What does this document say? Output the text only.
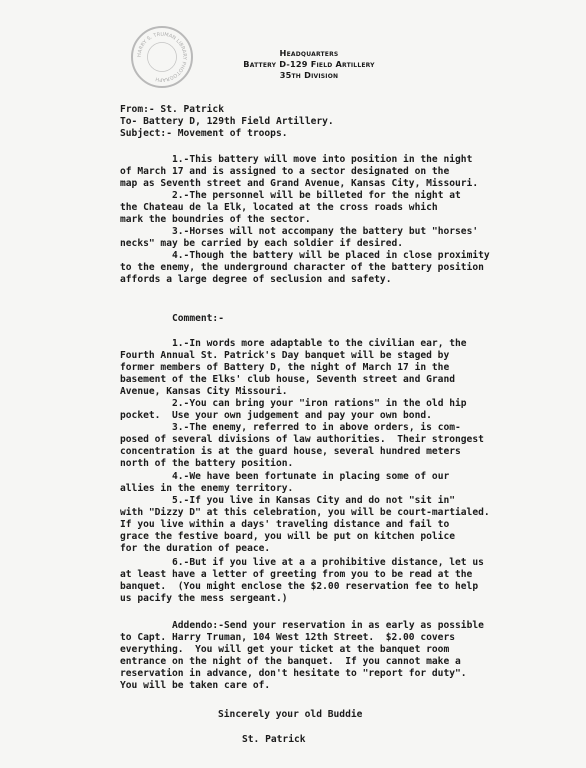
HARRY S. TRUMAN LIBRARY PHOTOGRAPH
Headquarters
Battery D-129 Field Artillery
35th Division
From:- St. Patrick
To- Battery D, 129th Field Artillery.
Subject:- Movement of troops.
1.-This battery will move into position in the night
of March 17 and is assigned to a sector designated on the
map as Seventh street and Grand Avenue, Kansas City, Missouri.
2.-The personnel will be billeted for the night at
the Chateau de la Elk, located at the cross roads which
mark the boundries of the sector.
3.-Horses will not accompany the battery but "horses'
necks" may be carried by each soldier if desired.
4.-Though the battery will be placed in close proximity
to the enemy, the underground character of the battery position
affords a large degree of seclusion and safety.
Comment:-
1.-In words more adaptable to the civilian ear, the
Fourth Annual St. Patrick's Day banquet will be staged by
former members of Battery D, the night of March 17 in the
basement of the Elks' club house, Seventh street and Grand
Avenue, Kansas City Missouri.
2.-You can bring your "iron rations" in the old hip
pocket.  Use your own judgement and pay your own bond.
3.-The enemy, referred to in above orders, is com-
posed of several divisions of law authorities.  Their strongest
concentration is at the guard house, several hundred meters
north of the battery position.
4.-We have been fortunate in placing some of our
allies in the enemy territory.
5.-If you live in Kansas City and do not "sit in"
with "Dizzy D" at this celebration, you will be court-martialed.
If you live within a days' traveling distance and fail to
grace the festive board, you will be put on kitchen police
for the duration of peace.
6.-But if you live at a a prohibitive distance, let us
at least have a letter of greeting from you to be read at the
banquet.  (You might enclose the $2.00 reservation fee to help
us pacify the mess sergeant.)
Addendo:-Send your reservation in as early as possible
to Capt. Harry Truman, 104 West 12th Street.  $2.00 covers
everything.  You will get your ticket at the banquet room
entrance on the night of the banquet.  If you cannot make a
reservation in advance, don't hesitate to "report for duty".
You will be taken care of.
Sincerely your old Buddie
St. Patrick
